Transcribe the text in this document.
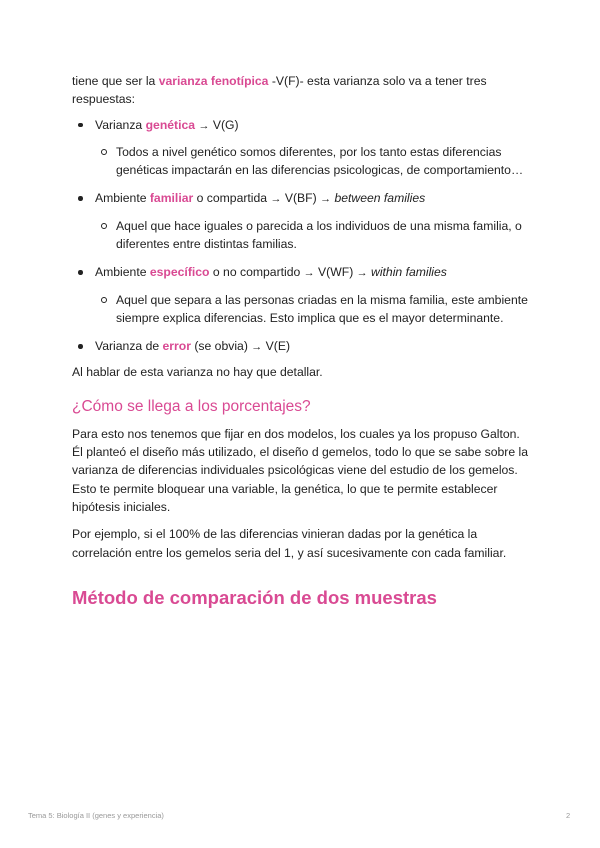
tiene que ser la varianza fenotípica -V(F)- esta varianza solo va a tener tres respuestas:

Varianza genética → V(G)
Todos a nivel genético somos diferentes, por los tanto estas diferencias genéticas impactarán en las diferencias psicologicas, de comportamiento…
Ambiente familiar o compartida → V(BF) → between families
Aquel que hace iguales o parecida a los individuos de una misma familia, o diferentes entre distintas familias.
Ambiente específico o no compartido → V(WF) → within families
Aquel que separa a las personas criadas en la misma familia, este ambiente siempre explica diferencias. Esto implica que es el mayor determinante.
Varianza de error (se obvia) → V(E)

Al hablar de esta varianza no hay que detallar.

¿Cómo se llega a los porcentajes?

Para esto nos tenemos que fijar en dos modelos, los cuales ya los propuso Galton. Él planteó el diseño más utilizado, el diseño d gemelos, todo lo que se sabe sobre la varianza de diferencias individuales psicológicas viene del estudio de los gemelos. Esto te permite bloquear una variable, la genética, lo que te permite establecer hipótesis iniciales.

Por ejemplo, si el 100% de las diferencias vinieran dadas por la genética la correlación entre los gemelos seria del 1, y así sucesivamente con cada familiar.

Método de comparación de dos muestras
Tema 5: Biología II (genes y experiencia)	2
